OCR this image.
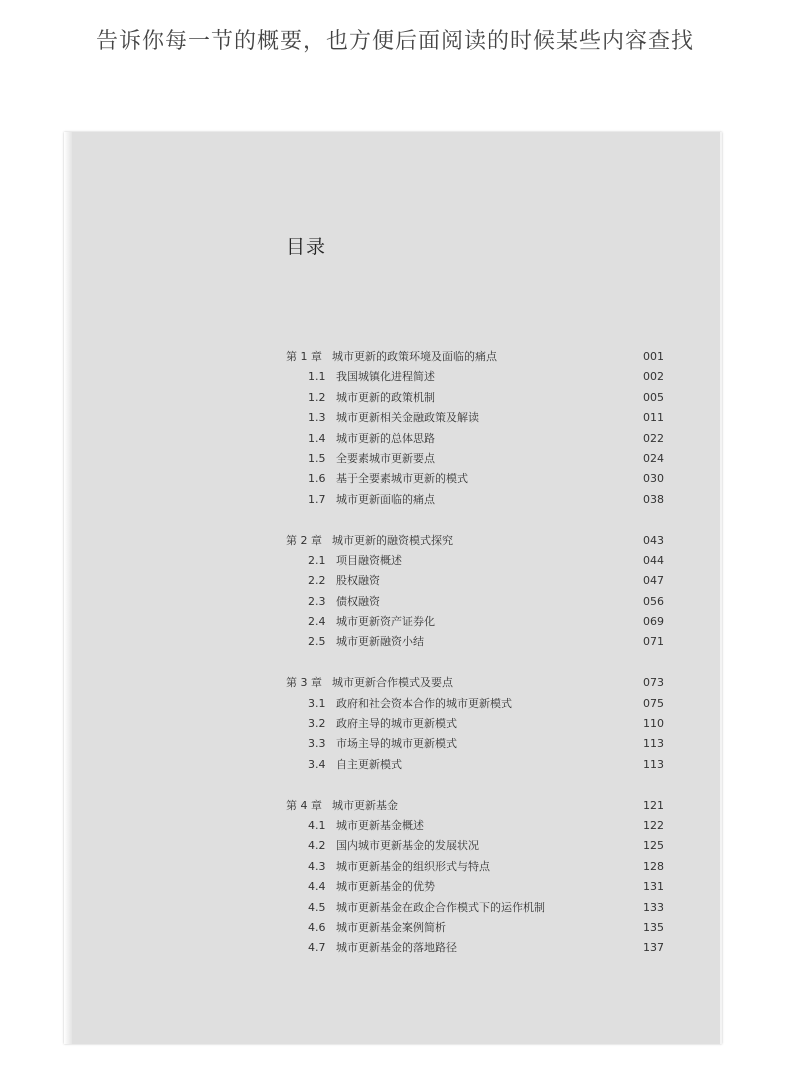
告诉你每一节的概要，也方便后面阅读的时候某些内容查找
目录
第 1 章 城市更新的政策环境及面临的痛点	001
1.1 我国城镇化进程简述	002
1.2 城市更新的政策机制	005
1.3 城市更新相关金融政策及解读	011
1.4 城市更新的总体思路	022
1.5 全要素城市更新要点	024
1.6 基于全要素城市更新的模式	030
1.7 城市更新面临的痛点	038
第 2 章 城市更新的融资模式探究	043
2.1 项目融资概述	044
2.2 股权融资	047
2.3 债权融资	056
2.4 城市更新资产证券化	069
2.5 城市更新融资小结	071
第 3 章 城市更新合作模式及要点	073
3.1 政府和社会资本合作的城市更新模式	075
3.2 政府主导的城市更新模式	110
3.3 市场主导的城市更新模式	113
3.4 自主更新模式	113
第 4 章 城市更新基金	121
4.1 城市更新基金概述	122
4.2 国内城市更新基金的发展状况	125
4.3 城市更新基金的组织形式与特点	128
4.4 城市更新基金的优势	131
4.5 城市更新基金在政企合作模式下的运作机制	133
4.6 城市更新基金案例简析	135
4.7 城市更新基金的落地路径	137
